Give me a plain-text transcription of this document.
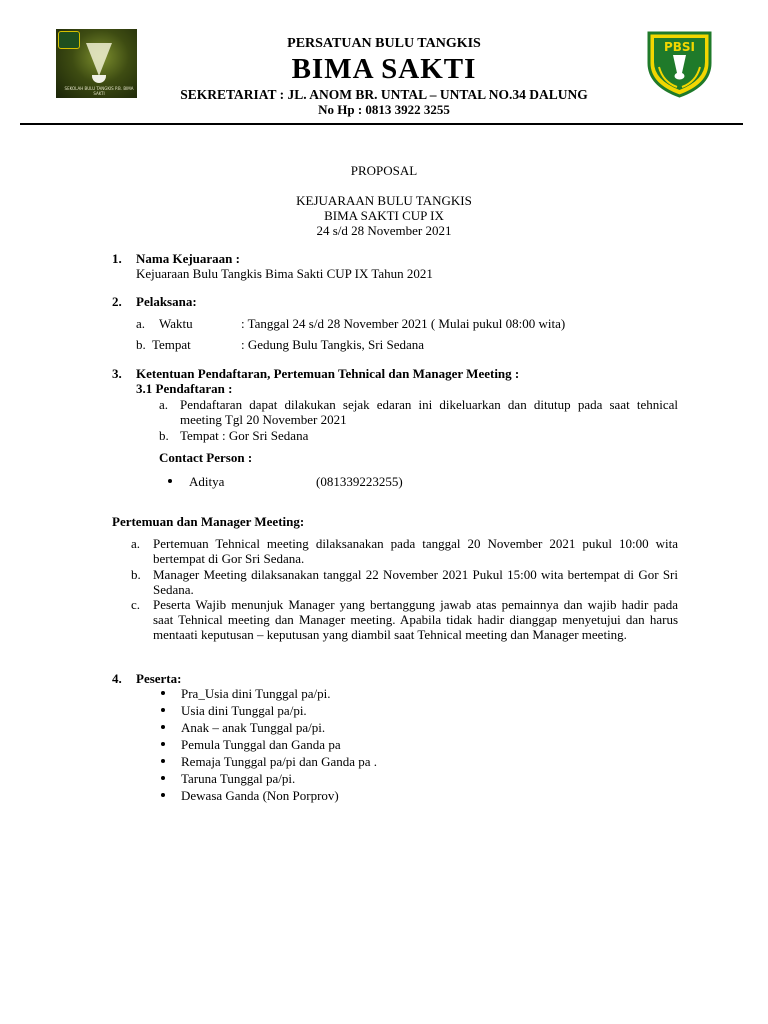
SEKOLAH BULU TANGKIS P.B. BIMA SAKTI
PERSATUAN BULU TANGKIS
BIMA SAKTI
SEKRETARIAT : JL. ANOM BR. UNTAL – UNTAL NO.34 DALUNG
No Hp : 0813 3922 3255
PBSI
PROPOSAL
KEJUARAAN BULU TANGKIS
BIMA SAKTI CUP IX
24 s/d 28 November 2021
1. Nama Kejuaraan :
Kejuaraan Bulu Tangkis Bima Sakti CUP IX Tahun 2021
2. Pelaksana:
a. Waktu	: Tanggal 24 s/d 28 November 2021 ( Mulai pukul 08:00 wita)
b. Tempat	: Gedung Bulu Tangkis, Sri Sedana
3. Ketentuan Pendaftaran, Pertemuan Tehnical dan Manager Meeting :
3.1 Pendaftaran :
a. Pendaftaran dapat dilakukan sejak edaran ini dikeluarkan dan ditutup pada saat tehnical meeting Tgl 20 November 2021
b. Tempat : Gor Sri Sedana
Contact Person :
Aditya	(081339223255)
Pertemuan dan Manager Meeting:
a. Pertemuan Tehnical meeting dilaksanakan pada tanggal 20 November 2021 pukul 10:00 wita bertempat di Gor Sri Sedana.
b. Manager Meeting dilaksanakan tanggal 22 November 2021 Pukul 15:00 wita bertempat di Gor Sri Sedana.
c. Peserta Wajib menunjuk Manager yang bertanggung jawab atas pemainnya dan wajib hadir pada saat Tehnical meeting dan Manager meeting. Apabila tidak hadir dianggap menyetujui dan harus mentaati keputusan – keputusan yang diambil saat Tehnical meeting dan Manager meeting.
4. Peserta:
Pra_Usia dini Tunggal pa/pi.
Usia dini Tunggal pa/pi.
Anak – anak Tunggal pa/pi.
Pemula Tunggal dan Ganda pa
Remaja Tunggal pa/pi dan Ganda pa .
Taruna Tunggal pa/pi.
Dewasa Ganda (Non Porprov)
